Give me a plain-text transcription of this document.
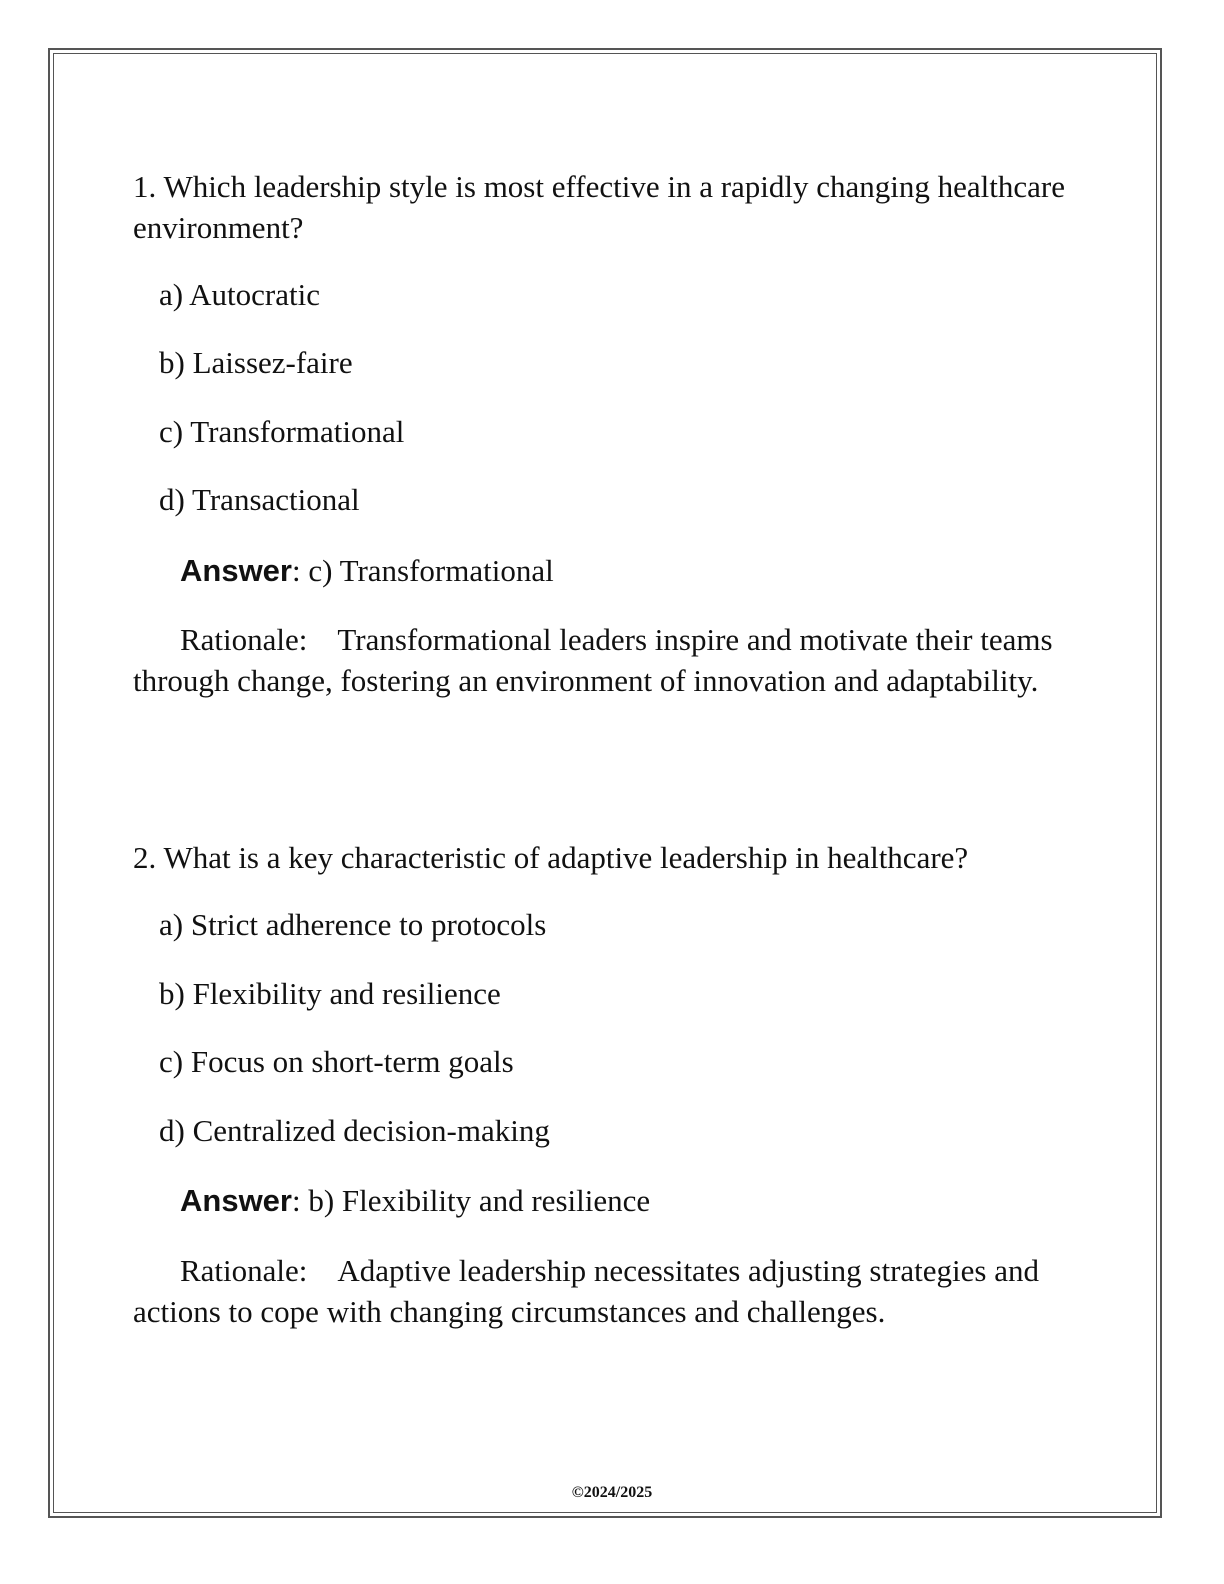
1. Which leadership style is most effective in a rapidly changing healthcare environment?

a) Autocratic

b) Laissez-faire

c) Transformational

d) Transactional

Answer: c) Transformational

Rationale: Transformational leaders inspire and motivate their teams through change, fostering an environment of innovation and adaptability.

2. What is a key characteristic of adaptive leadership in healthcare?

a) Strict adherence to protocols

b) Flexibility and resilience

c) Focus on short-term goals

d) Centralized decision-making

Answer: b) Flexibility and resilience

Rationale: Adaptive leadership necessitates adjusting strategies and actions to cope with changing circumstances and challenges.

©2024/2025
